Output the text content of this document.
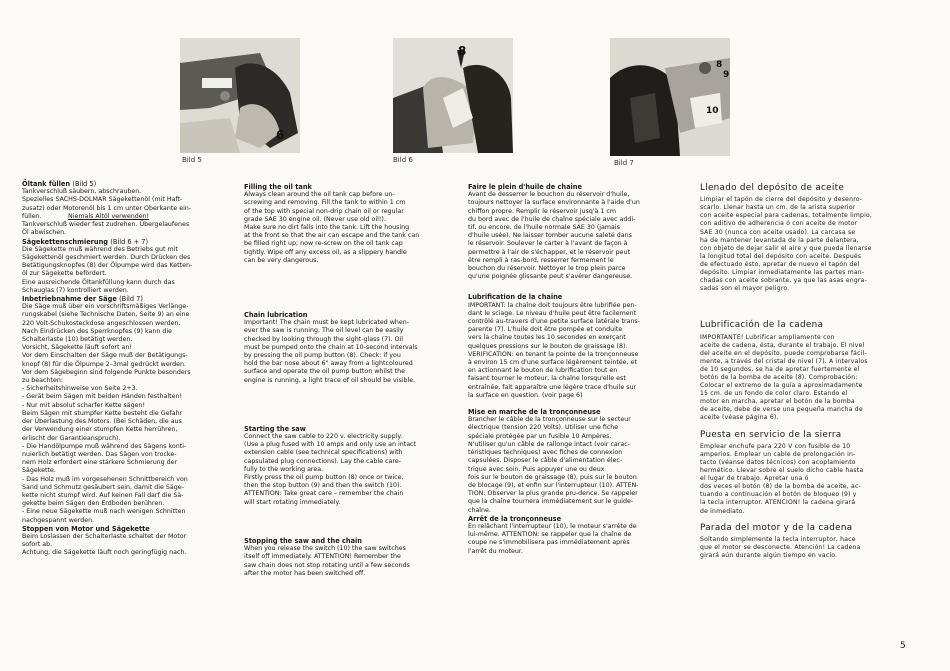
6
Bild 5
8
Bild 6
8
9
10
Bild 7
Öltank füllen (Bild 5)

Tankverschluß säubern, abschrauben.
Spezielles SACHS-DOLMAR Sägekettenöl (mit Haft-
zusatz) oder Motorenöl bis 1 cm unter Oberkante ein-
füllen.	Niemals Altöl verwenden!

Tankverschluß wieder fest zudrehen. Übergelaufenes
Öl abwischen.

Sägekettenschmierung (Bild 6 + 7)

Die Sägekette muß während des Betriebs gut mit
Sägekettenöl geschmiert werden. Durch Drücken des
Betätigungsknopfes (8) der Ölpumpe wird das Ketten-
öl zur Sägekette befördert.
Eine ausreichende Öltankfüllung kann durch das
Schauglas (7) kontrolliert werden.

Inbetriebnahme der Säge (Bild 7)

Die Säge muß über ein vorschriftsmäßiges Verlänge-
rungskabel (siehe Technische Daten, Seite 9) an eine
220 Volt-Schukosteckdose angeschlossen werden.
Nach Eindrücken des Sperrknopfes (9) kann die
Schalterlaste (10) betätigt werden.
Vorsicht, Sägekette läuft sofort an!
Vor dem Einschalten der Säge muß der Betätigungs-
knopf (8) für die Ölpumpe 2–3mal gedrückt werden.
Vor dem Sägebeginn sind folgende Punkte besonders
zu beachten:
- Sicherheitshinweise von Seite 2+3.
- Gerät beim Sägen mit beiden Händen festhalten!
- Nur mit absolut scharfer Kette sägen!
Beim Sägen mit stumpfer Kette besteht die Gefahr
der Überlastung des Motors. (Bei Schäden, die aus
der Verwendung einer stumpfen Kette herrühren,
erlischt der Garantieanspruch).
- Die Handölpumpe muß während des Sägens konti-
nuierlich betätigt werden. Das Sägen von trocke-
nem Holz erfordert eine stärkere Schmierung der
Sägekette.
- Das Holz muß im vorgesehenen Schnittbereich von
Sand und Schmutz gesäubert sein, damit die Säge-
kette nicht stumpf wird. Auf keinen Fall darf die Sä-
gekette beim Sägen den Erdboden berühren.
- Eine neue Sägekette muß nach wenigen Schnitten
nachgespannt werden.

Stoppen von Motor und Sägekette

Beim Loslassen der Schalterlaste schaltet der Motor
sofort ab.
Achtung, die Sägekette läuft noch geringfügig nach.

Filling the oil tank

Always clean around the oil tank cap before un-
screwing and removing. Fill the tank to within 1 cm
of the top with special non-drip chain oil or regular
grade SAE 30 engine oil. (Never use old oil!).
Make sure no dirt falls into the tank. Lift the housing
at the front so that the air can escape and the tank can
be filled right up; now re-screw on the oil tank cap
tightly. Wipe off any excess oil, as a slippery handle
can be very dangerous.

Chain lubrication

Important! The chain must be kept lubricated when-
ever the saw is running. The oil level can be easily
checked by looking through the sight-glass (7). Oil
must be pumped onto the chain at 10-second intervals
by pressing the oil pump button (8). Check: if you
hold the bar nose about 6" away from a lightcoloured
surface and operate the oil pump button whilst the
engine is running, a light trace of oil should be visible.

Starting the saw

Connect the saw cable to 220 v. electricity supply.
(Use a plug fused with 10 amps and only use an intact
extension cable (see technical specifications) with
capsulated plug connections). Lay the cable care-
fully to the working area.
Firstly press the oil pump button (8) once or twice,
then the stop button (9) and then the switch (10).
ATTENTION: Take great care – remember the chain
will start rotating immediately.

Stopping the saw and the chain

When you release the switch (10) the saw switches
itself off immediately. ATTENTION! Remember the
saw chain does not stop rotating until a few seconds
after the motor has been switched off.

Faire le plein d'huile de chaîne

Avant de desserrer le bouchon du réservoir d'huile,
toujours nettoyer la surface environnante à l'aide d'un
chiffon propre. Remplir le réservoir jusq'à 1 cm
du bord avec de l'huile de chaîne spéciale avec addi-
tif, ou encore, de l'huile normale SAE 30 (jamais
d'huile usée). Ne laisser tomber aucune saleté dans
le réservoir. Soulever le carter à l'avant de façon à
permettre à l'air de s'échapper, et le réservoir peut
être rempli à ras-bord, resserrer fermement le
bouchon du réservoir. Nettoyer le trop plein parce
qu'une poignée glissante peut s'avérer dangereuse.

Lubrification de la chaîne

IMPORTANT: la chaîne doit toujours être lubrifiée pen-
dant le sciage. Le niveau d'huile peut être facilement
contrôlé au-travers d'une petite surface latérale trans-
parente (7). L'huile doit être pompée et conduite
vers la chaîne toutes les 10 secondes en exerçant
quelques pressions sur le bouton de graissage (8).
VERIFICATION: en tenant la pointe de la tronçonneuse
à environ 15 cm d'une surface légèrement teintée, et
en actionnant le bouton de lubrification tout en
faisant tourner le moteur, la chaîne lorsqu'elle est
entraînée, fait apparaître une légère trace d'huile sur
la surface en question. (voir page 6)

Mise en marche de la tronçonneuse

Brancher le câble de la tronçonneuse sur le secteur
électrique (tension 220 Volts). Utiliser une fiche
spéciale protégée par un fusible 10 Ampères.
N'utiliser qu'un câble de rallonge intact (voir carac-
téristiques techniques) avec fiches de connexion
capsulées. Disposer le câble d'alimentation élec-
trique avec soin. Puis appuyer une ou deux
fois sur le bouton de graissage (8), puis sur le bouton
de blocage (9), et enfin sur l'interrupteur (10). ATTEN-
TION: Observer la plus grande pru-dence. Se rappeler
que la chaîne tournera immédiatement sur le guide-
chaîne.

Arrêt de la tronçonneuse

En relâchant l'interrupteur (10), le moteur s'arrête de
lui-même. ATTENTION: se rappeler que la chaîne de
coupe ne s'immobilisera pas immédiatement après
l'arrêt du moteur.

Llenado del depósito de aceite

Limpiar el tapón de cierre del depósito y desenro-
scarlo. Llenar hasta un cm. de la arista superior
con aceite especial para cadenas, totalmente limpio,
con aditivo de adherencia ó con aceite de motor
SAE 30 (nunca con aceite usado). La carcasa se
ha de mantener levantada de la parte delantera,
con objeto de dejar salir el aire y que pueda llenarse
la longitud total del depósito con aceite. Después
de efectuado ésto, apretar de nuevo el tapón del
depósito. Limpiar inmediatamente las partes man-
chadas con aceite sobrante, ya que las asas engra-
sadas son el mayor peligro.

Lubrificación de la cadena

IMPORTANTE! Lubrificar ampliamente con
aceite de cadena, ésta, durante el trabajo. El nivel
del aceite en el depósito, puede comprobarse fácil-
mente, a través del cristal de nivel (7). A intervalos
de 10 segundos, se ha de apretar fuertemente el
botón de la bomba de aceite (8). Comprobación:
Colocar el extremo de la guía a aproximadamente
15 cm. de un fondo de color claro. Estando el
motor en marcha, apretar el botón de la bomba
de aceite, debe de verse una pequeña mancha de
aceite (véase página 6).

Puesta en servicio de la sierra

Emplear enchufe para 220 V con fusible de 10
amperios. Emplear un cable de prolongación in-
tacto (véanse datos técnicos) con acoplamiento
hermético. Llevar sobre el suelo dicho cable hasta
el lugar de trabajo. Apretar una ó
dos veces el botón (8) de la bomba de aceite, ac-
tuando a continuación el botón de bloqueo (9) y
la tecla interruptor. ATENCION! la cadena girará
de inmediato.

Parada del motor y de la cadena

Soltando simplemente la tecla interruptor, hace
que el motor se desconecte. Atención! La cadena
girará aún durante algún tiempo en vacío.

5
